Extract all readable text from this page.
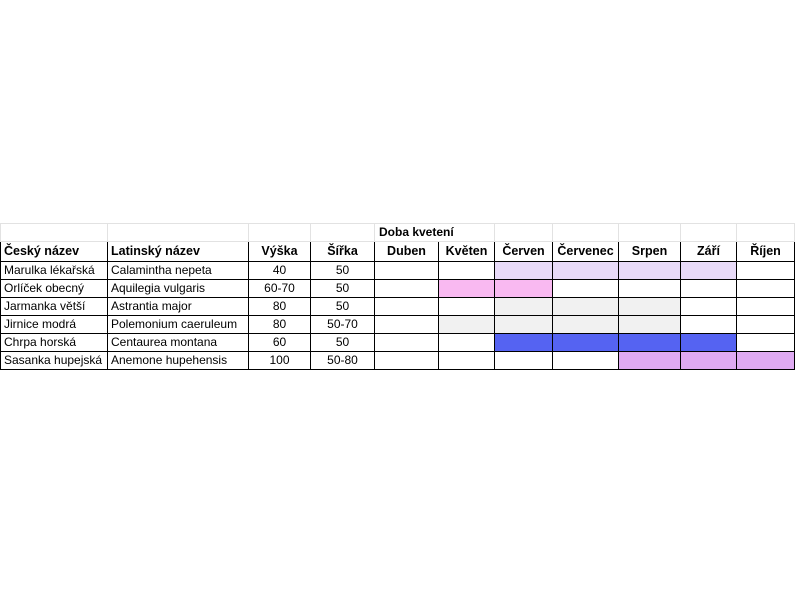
				Doba kvetení						
Český název	Latinský název	Výška	Šířka	Duben	Květen	Červen	Červenec	Srpen	Září	Říjen
Marulka lékařská	Calamintha nepeta	40	50							
Orlíček obecný	Aquilegia vulgaris	60-70	50							
Jarmanka větší	Astrantia major	80	50							
Jirnice modrá	Polemonium caeruleum	80	50-70							
Chrpa horská	Centaurea montana	60	50							
Sasanka hupejská	Anemone hupehensis	100	50-80							
